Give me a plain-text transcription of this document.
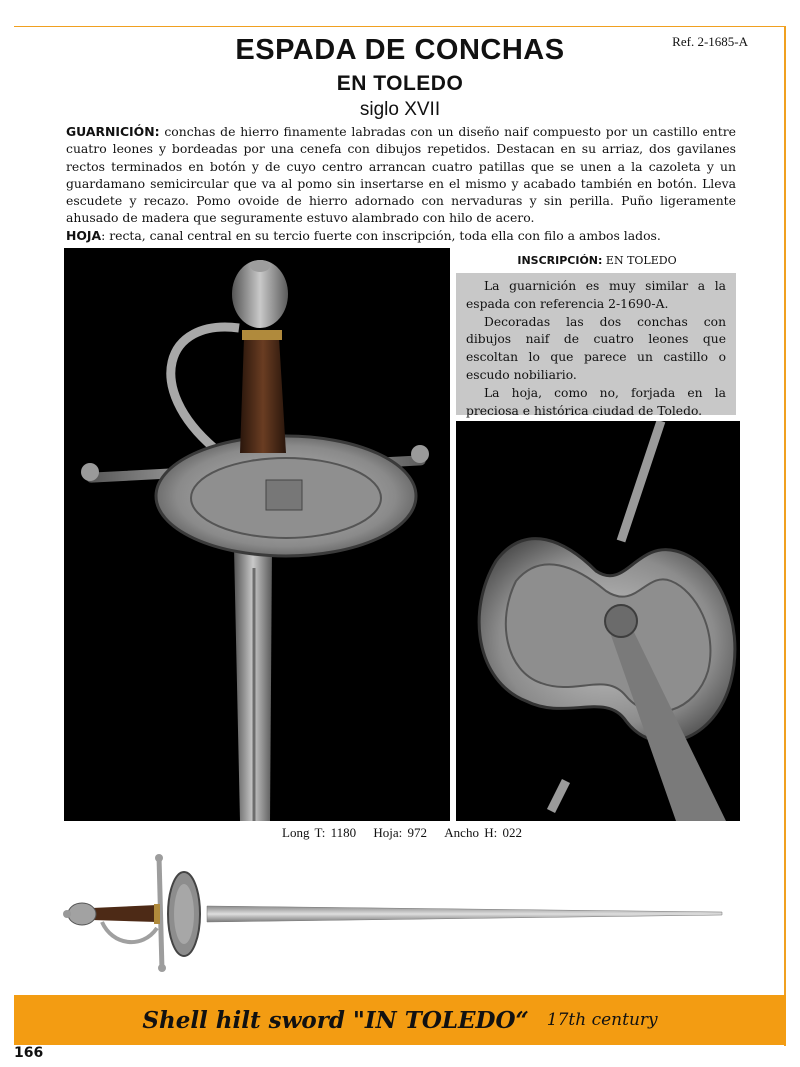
Ref. 2-1685-A
ESPADA DE CONCHAS
EN TOLEDO
siglo XVII
GUARNICIÓN: conchas de hierro finamente labradas con un diseño naif compuesto por un castillo entre cuatro leones y bordeadas por una cenefa con dibujos repetidos. Destacan en su arriaz, dos gavilanes rectos terminados en botón y de cuyo centro arrancan cuatro patillas que se unen a la cazoleta y un guardamano semicircular que va al pomo sin insertarse en el mismo y acabado también en botón. Lleva escudete y recazo. Pomo ovoide de hierro adornado con nervaduras y sin perilla. Puño ligeramente ahusado de madera que seguramente estuvo alambrado con hilo de acero.
HOJA: recta, canal central en su tercio fuerte con inscripción, toda ella con filo a ambos lados.
INSCRIPCIÓN: EN TOLEDO

La guarnición es muy similar a la espada con referencia 2-1690-A.

Decoradas las dos conchas con dibujos naif de cuatro leones que escoltan lo que parece un castillo o escudo nobiliario.

La hoja, como no, forjada en la preciosa e histórica ciudad de Toledo.

Long T: 1180 Hoja: 972 Ancho H: 022
Shell hilt sword "IN TOLEDO“ 17th century
166
